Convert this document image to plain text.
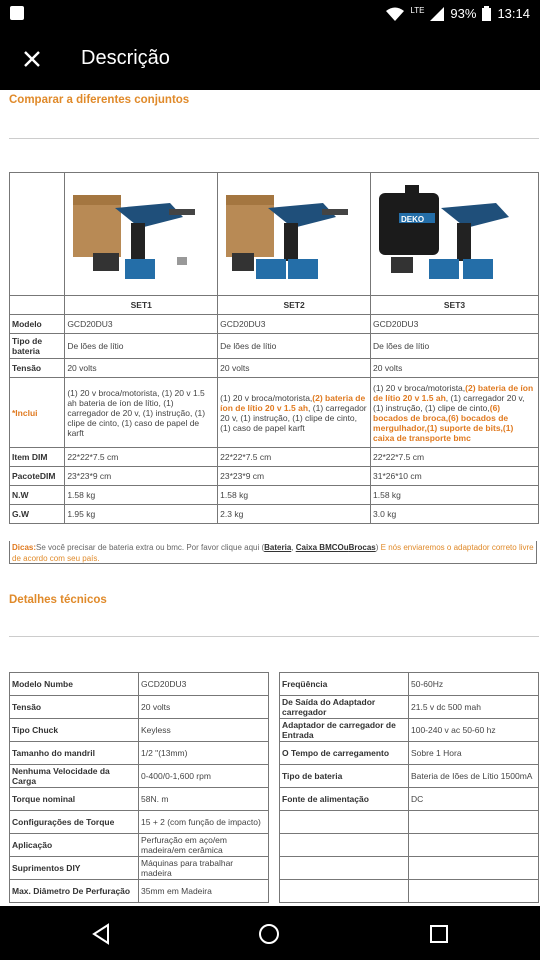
LTE 93% 13:14
Descrição
Comparar a diferentes conjuntos

DEKO

	SET1	SET2	SET3
Modelo	GCD20DU3	GCD20DU3	GCD20DU3
Tipo de bateria	De lões de lítio	De lões de lítio	De lões de lítio
Tensão	20 volts	20 volts	20 volts
*Inclui	(1) 20 v broca/motorista, (1) 20 v 1.5 ah bateria de íon de lítio, (1) carregador de 20 v, (1) instrução, (1) clipe de cinto, (1) caso de papel de karft	(1) 20 v broca/motorista,(2) bateria de íon de lítio 20 v 1.5 ah, (1) carregador 20 v, (1) instrução, (1) clipe de cinto, (1) caso de papel karft	(1) 20 v broca/motorista,(2) bateria de íon de lítio 20 v 1.5 ah, (1) carregador 20 v, (1) instrução, (1) clipe de cinto,(6) bocados de broca,(6) bocados de mergulhador,(1) suporte de bits,(1) caixa de transporte bmc
Item DIM	22*22*7.5 cm	22*22*7.5 cm	22*22*7.5 cm
PacoteDIM	23*23*9 cm	23*23*9 cm	31*26*10 cm
N.W	1.58 kg	1.58 kg	1.58 kg
G.W	1.95 kg	2.3 kg	3.0 kg
Dicas:Se você precisar de bateria extra ou bmc. Por favor clique aqui (Bateria, Caixa BMCOuBrocas) E nós enviaremos o adaptador correto livre de acordo com seu país.
Detalhes técnicos
Modelo Numbe	GCD20DU3
Tensão	20 volts
Tipo Chuck	Keyless
Tamanho do mandril	1/2 "(13mm)
Nenhuma Velocidade da Carga	0-400/0-1,600 rpm
Torque nominal	58N. m
Configurações de Torque	15 + 2 (com função de impacto)
Aplicação	Perfuração em aço/em madeira/em cerâmica
Suprimentos DIY	Máquinas para trabalhar madeira
Max. Diâmetro De Perfuração	35mm em Madeira
Freqüência	50-60Hz
De Saída do Adaptador carregador	21.5 v dc 500 mah
Adaptador de carregador de Entrada	100-240 v ac 50-60 hz
O Tempo de carregamento	Sobre 1 Hora
Tipo de bateria	Bateria de Iões de Lítio 1500mA
Fonte de alimentação	DC
